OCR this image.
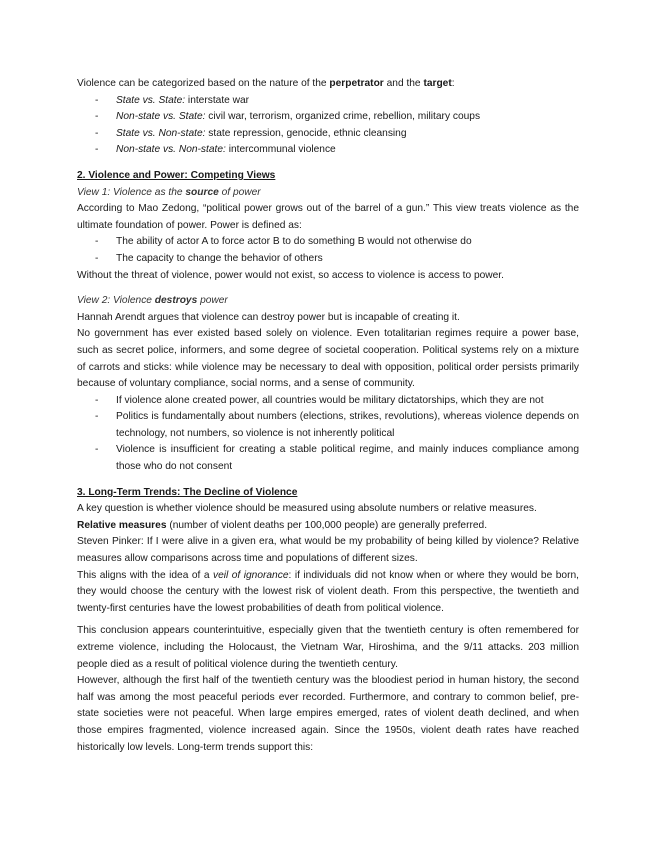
Violence can be categorized based on the nature of the perpetrator and the target:

- State vs. State: interstate war
- Non-state vs. State: civil war, terrorism, organized crime, rebellion, military coups
- State vs. Non-state: state repression, genocide, ethnic cleansing
- Non-state vs. Non-state: intercommunal violence

2. Violence and Power: Competing Views

View 1: Violence as the source of power

According to Mao Zedong, “political power grows out of the barrel of a gun.” This view treats violence as the ultimate foundation of power. Power is defined as:

- The ability of actor A to force actor B to do something B would not otherwise do
- The capacity to change the behavior of others

Without the threat of violence, power would not exist, so access to violence is access to power.

View 2: Violence destroys power

Hannah Arendt argues that violence can destroy power but is incapable of creating it.

No government has ever existed based solely on violence. Even totalitarian regimes require a power base, such as secret police, informers, and some degree of societal cooperation. Political systems rely on a mixture of carrots and sticks: while violence may be necessary to deal with opposition, political order persists primarily because of voluntary compliance, social norms, and a sense of community.

- If violence alone created power, all countries would be military dictatorships, which they are not
- Politics is fundamentally about numbers (elections, strikes, revolutions), whereas violence depends on technology, not numbers, so violence is not inherently political
- Violence is insufficient for creating a stable political regime, and mainly induces compliance among those who do not consent

3. Long-Term Trends: The Decline of Violence

A key question is whether violence should be measured using absolute numbers or relative measures.

Relative measures (number of violent deaths per 100,000 people) are generally preferred.

Steven Pinker: If I were alive in a given era, what would be my probability of being killed by violence? Relative measures allow comparisons across time and populations of different sizes.

This aligns with the idea of a veil of ignorance: if individuals did not know when or where they would be born, they would choose the century with the lowest risk of violent death. From this perspective, the twentieth and twenty-first centuries have the lowest probabilities of death from political violence.

This conclusion appears counterintuitive, especially given that the twentieth century is often remembered for extreme violence, including the Holocaust, the Vietnam War, Hiroshima, and the 9/11 attacks. 203 million people died as a result of political violence during the twentieth century.

However, although the first half of the twentieth century was the bloodiest period in human history, the second half was among the most peaceful periods ever recorded. Furthermore, and contrary to common belief, pre-state societies were not peaceful. When large empires emerged, rates of violent death declined, and when those empires fragmented, violence increased again. Since the 1950s, violent death rates have reached historically low levels. Long-term trends support this:
